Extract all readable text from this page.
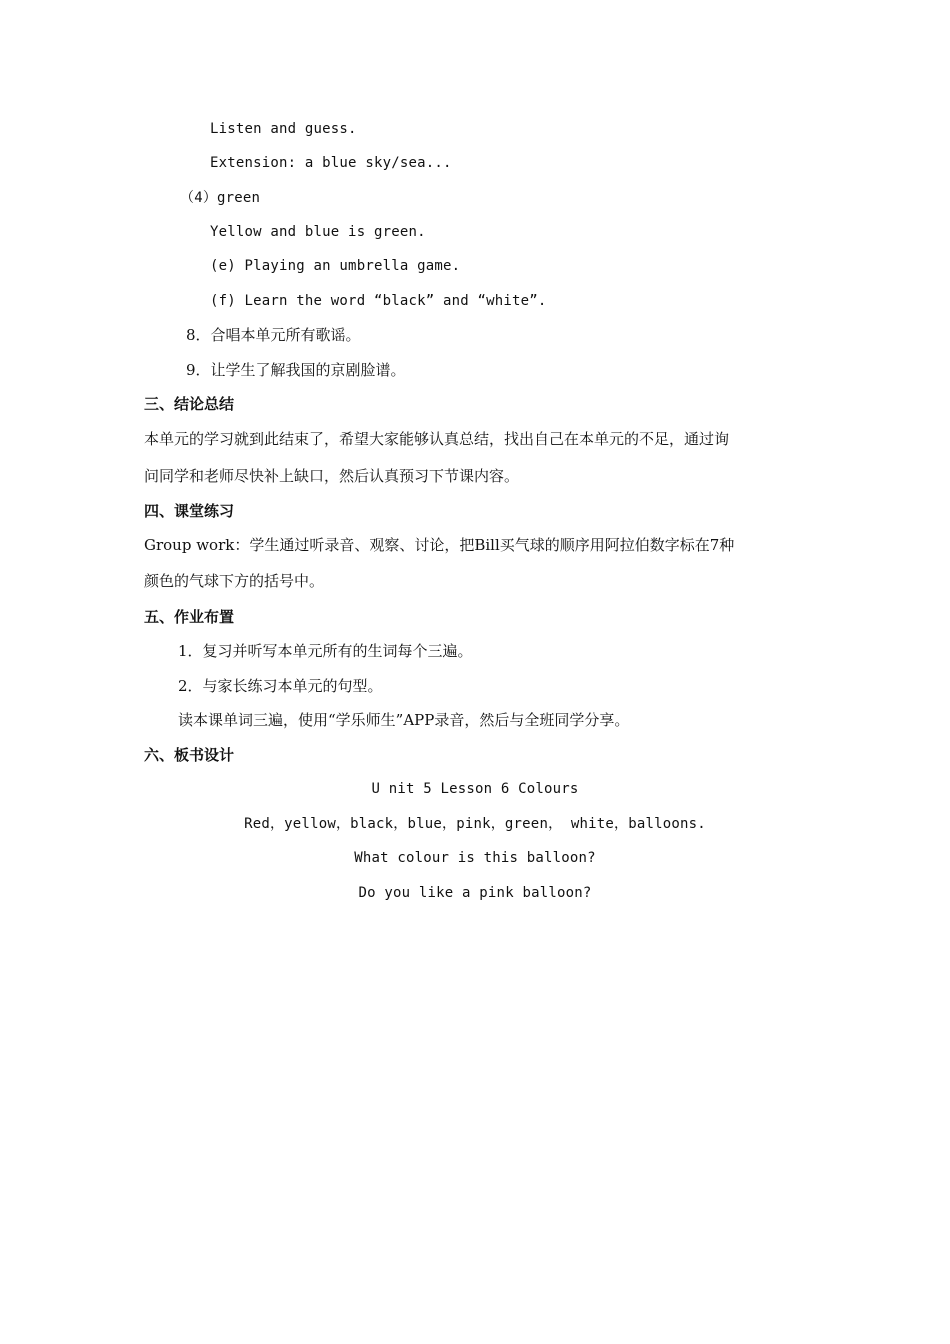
Listen and guess.
Extension: a blue sky/sea...
（4）green
Yellow and blue is green.
(e) Playing an umbrella game.
(f) Learn the word “black” and “white”.
8．合唱本单元所有歌谣。
9．让学生了解我国的京剧脸谱。
三、结论总结
本单元的学习就到此结束了，希望大家能够认真总结，找出自己在本单元的不足，通过询
问同学和老师尽快补上缺口，然后认真预习下节课内容。
四、课堂练习
Group work：学生通过听录音、观察、讨论，把Bill买气球的顺序用阿拉伯数字标在7种
颜色的气球下方的括号中。
五、作业布置
1．复习并听写本单元所有的生词每个三遍。
2．与家长练习本单元的句型。
读本课单词三遍，使用“学乐师生”APP录音，然后与全班同学分享。
六、板书设计
U nit 5 Lesson 6 Colours
Red，yellow，black，blue，pink，green， white，balloons.
What colour is this balloon?
Do you like a pink balloon?
